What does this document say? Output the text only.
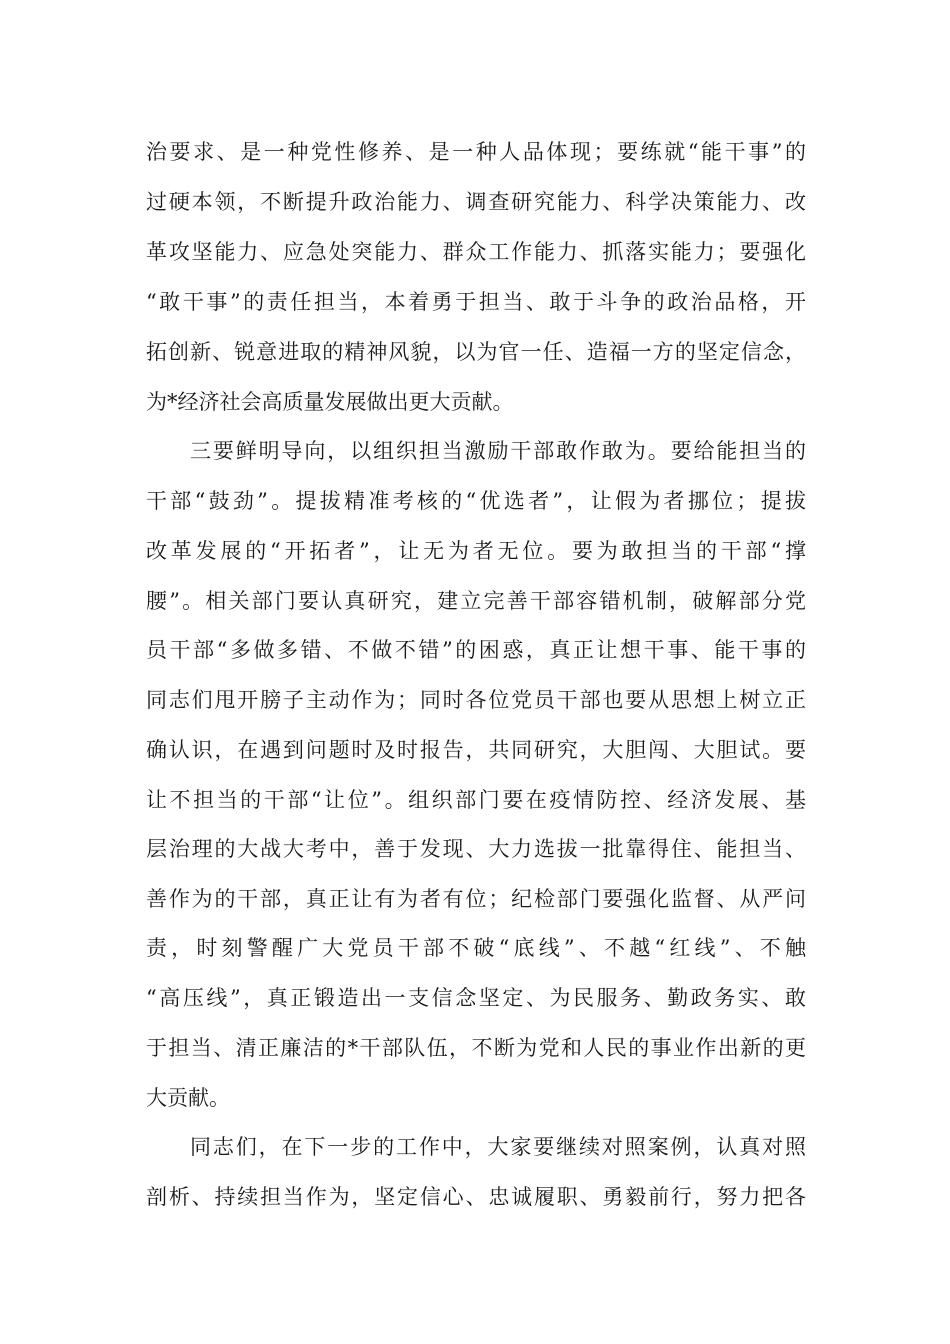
治要求、是一种党性修养、是一种人品体现；要练就“能干事”的
过硬本领，不断提升政治能力、调查研究能力、科学决策能力、改
革攻坚能力、应急处突能力、群众工作能力、抓落实能力；要强化
“敢干事”的责任担当，本着勇于担当、敢于斗争的政治品格，开
拓创新、锐意进取的精神风貌，以为官一任、造福一方的坚定信念，
为*经济社会高质量发展做出更大贡献。
三要鲜明导向，以组织担当激励干部敢作敢为。要给能担当的
干部“鼓劲”。提拔精准考核的“优选者”，让假为者挪位；提拔
改革发展的“开拓者”，让无为者无位。要为敢担当的干部“撑
腰”。相关部门要认真研究，建立完善干部容错机制，破解部分党
员干部“多做多错、不做不错”的困惑，真正让想干事、能干事的
同志们甩开膀子主动作为；同时各位党员干部也要从思想上树立正
确认识，在遇到问题时及时报告，共同研究，大胆闯、大胆试。要
让不担当的干部“让位”。组织部门要在疫情防控、经济发展、基
层治理的大战大考中，善于发现、大力选拔一批靠得住、能担当、
善作为的干部，真正让有为者有位；纪检部门要强化监督、从严问
责，时刻警醒广大党员干部不破“底线”、不越“红线”、不触
“高压线”，真正锻造出一支信念坚定、为民服务、勤政务实、敢
于担当、清正廉洁的*干部队伍，不断为党和人民的事业作出新的更
大贡献。
同志们，在下一步的工作中，大家要继续对照案例，认真对照
剖析、持续担当作为，坚定信心、忠诚履职、勇毅前行，努力把各
